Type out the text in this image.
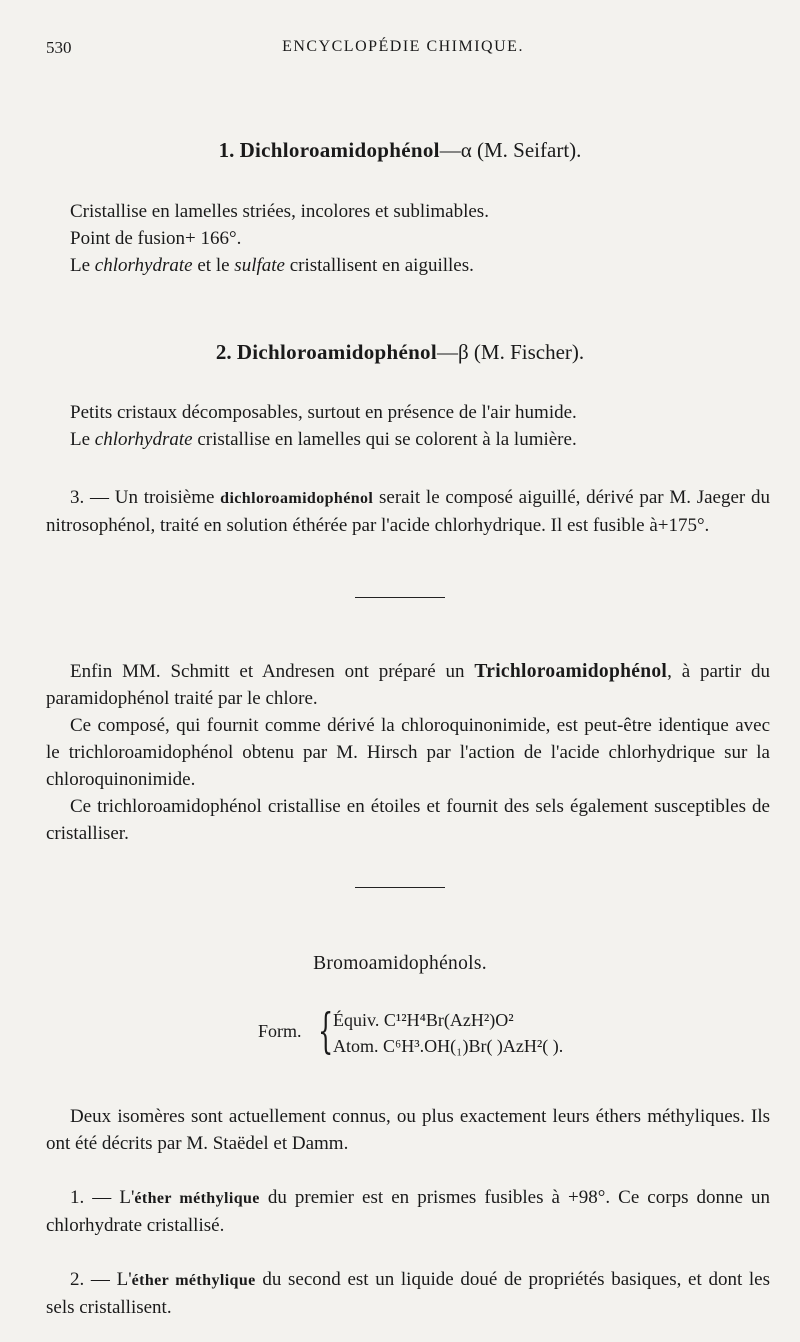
530	ENCYCLOPÉDIE CHIMIQUE.
1. Dichloroamidophénol—α (M. Seifart).
Cristallise en lamelles striées, incolores et sublimables.
Point de fusion+ 166°.
Le chlorhydrate et le sulfate cristallisent en aiguilles.
2. Dichloroamidophénol—β (M. Fischer).
Petits cristaux décomposables, surtout en présence de l'air humide.
Le chlorhydrate cristallise en lamelles qui se colorent à la lumière.
3. — Un troisième dichloroamidophénol serait le composé aiguillé, dérivé par M. Jaeger du nitrosophénol, traité en solution éthérée par l'acide chlorhydrique. Il est fusible à+175°.
Enfin MM. Schmitt et Andresen ont préparé un Trichloroamidophénol, à partir du paramidophénol traité par le chlore.
Ce composé, qui fournit comme dérivé la chloroquinonimide, est peut-être identique avec le trichloroamidophénol obtenu par M. Hirsch par l'action de l'acide chlorhydrique sur la chloroquinonimide.
Ce trichloroamidophénol cristallise en étoiles et fournit des sels également susceptibles de cristalliser.
Bromoamidophénols.
Form. { Équiv. C¹²H⁴Br(AzH²)O²
Atom. C⁶H³.OH(₁)Br( )AzH²( ).
Deux isomères sont actuellement connus, ou plus exactement leurs éthers méthyliques. Ils ont été décrits par M. Staëdel et Damm.
1. — L'éther méthylique du premier est en prismes fusibles à +98°. Ce corps donne un chlorhydrate cristallisé.
2. — L'éther méthylique du second est un liquide doué de propriétés basiques, et dont les sels cristallisent.
